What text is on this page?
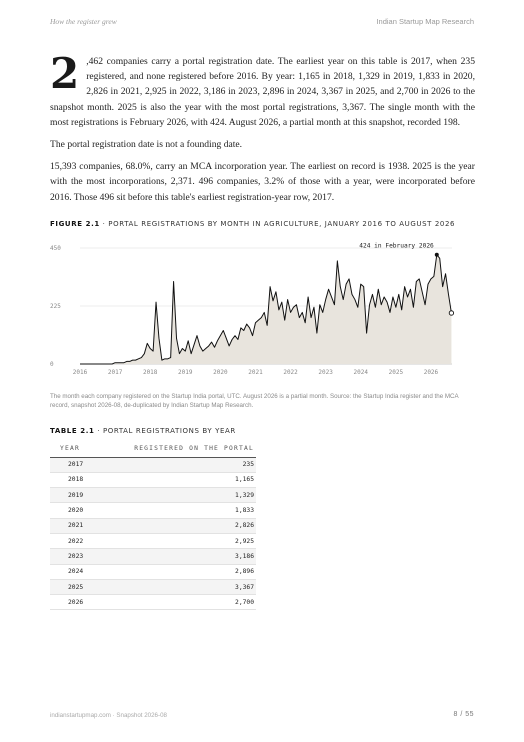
How the register grew	Indian Startup Map Research

2 ,462 companies carry a portal registration date. The earliest year on this table is 2017, when 235 registered, and none registered before 2016. By year: 1,165 in 2018, 1,329 in 2019, 1,833 in 2020, 2,826 in 2021, 2,925 in 2022, 3,186 in 2023, 2,896 in 2024, 3,367 in 2025, and 2,700 in 2026 to the snapshot month. 2025 is also the year with the most portal registrations, 3,367. The single month with the most registrations is February 2026, with 424. August 2026, a partial month at this snapshot, recorded 198.

The portal registration date is not a founding date.

15,393 companies, 68.0%, carry an MCA incorporation year. The earliest on record is 1938. 2025 is the year with the most incorporations, 2,371. 496 companies, 3.2% of those with a year, were incorporated before 2016. Those 496 sit before this table's earliest registration-year row, 2017.

FIGURE 2.1 · PORTAL REGISTRATIONS BY MONTH IN AGRICULTURE, JANUARY 2016 TO AUGUST 2026
0
225
450
2016	2017	2018	2019	2020	2021	2022	2023	2024	2025	2026
424 in February 2026
The month each company registered on the Startup India portal, UTC. August 2026 is a partial month. Source: the Startup India register and the MCA record, snapshot 2026-08, de-duplicated by Indian Startup Map Research.
TABLE 2.1 · PORTAL REGISTRATIONS BY YEAR
YEAR	REGISTERED ON THE PORTAL
2017	235
2018	1,165
2019	1,329
2020	1,833
2021	2,826
2022	2,925
2023	3,186
2024	2,896
2025	3,367
2026	2,700
indianstartupmap.com · Snapshot 2026-08	8 / 55
